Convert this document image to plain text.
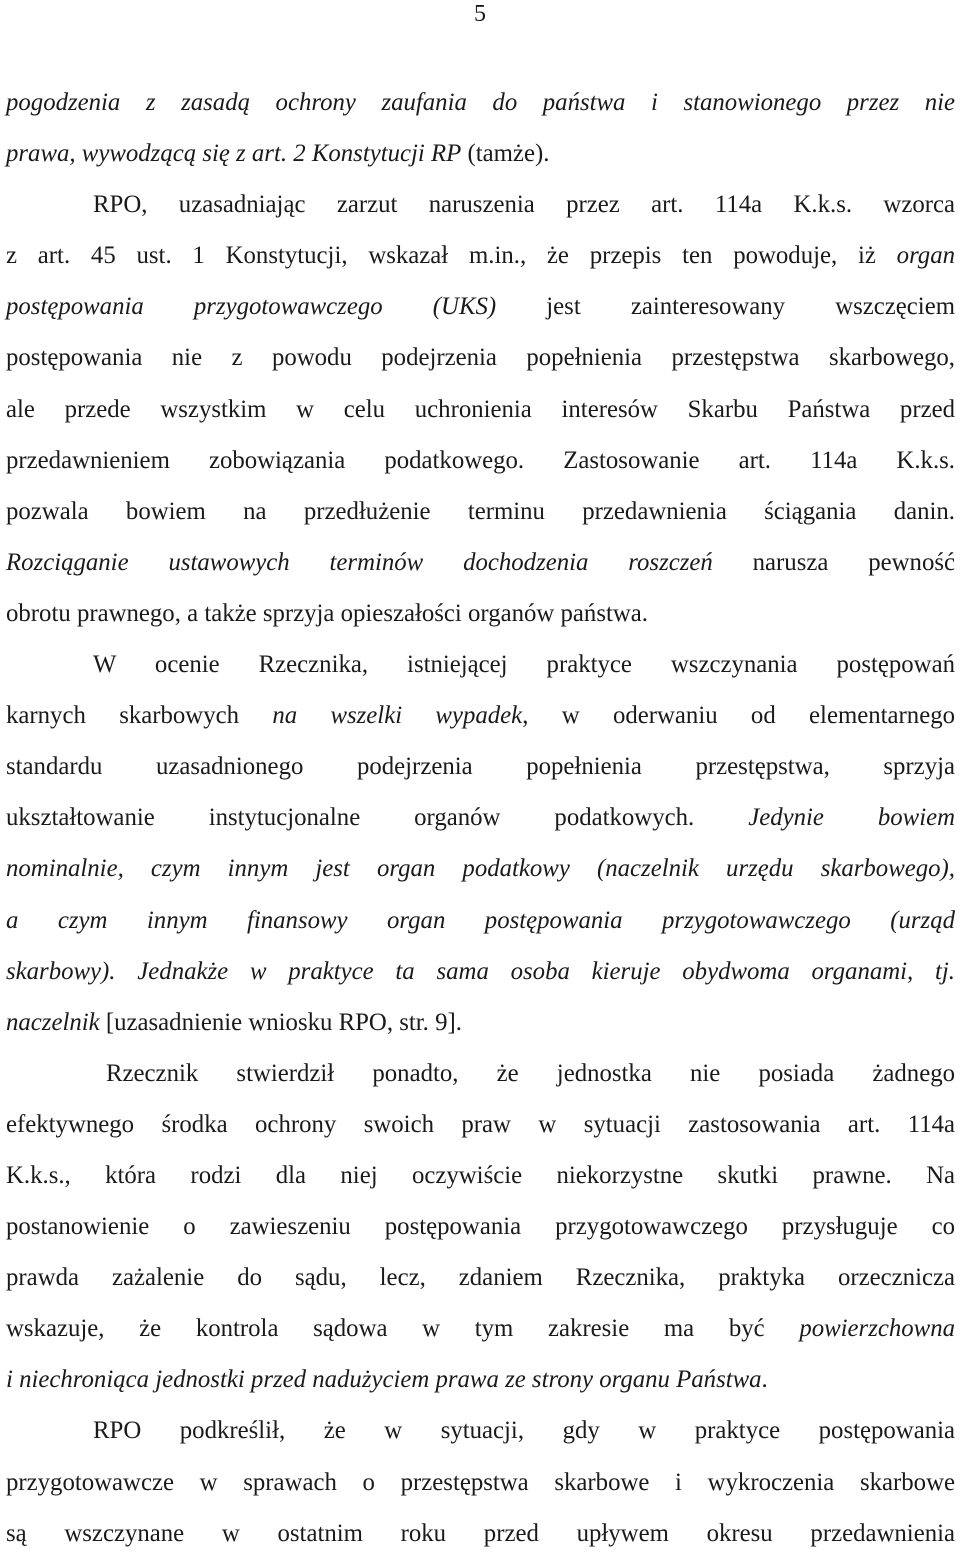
5
pogodzenia z zasadą ochrony zaufania do państwa i stanowionego przez nie
prawa, wywodzącą się z art. 2 Konstytucji RP (tamże).
RPO, uzasadniając zarzut naruszenia przez art. 114a K.k.s. wzorca
z art. 45 ust. 1 Konstytucji, wskazał m.in., że przepis ten powoduje, iż organ
postępowania przygotowawczego (UKS) jest zainteresowany wszczęciem
postępowania nie z powodu podejrzenia popełnienia przestępstwa skarbowego,
ale przede wszystkim w celu uchronienia interesów Skarbu Państwa przed
przedawnieniem zobowiązania podatkowego. Zastosowanie art. 114a K.k.s.
pozwala bowiem na przedłużenie terminu przedawnienia ściągania danin.
Rozciąganie ustawowych terminów dochodzenia roszczeń narusza pewność
obrotu prawnego, a także sprzyja opieszałości organów państwa.
W ocenie Rzecznika, istniejącej praktyce wszczynania postępowań
karnych skarbowych na wszelki wypadek, w oderwaniu od elementarnego
standardu uzasadnionego podejrzenia popełnienia przestępstwa, sprzyja
ukształtowanie instytucjonalne organów podatkowych. Jedynie bowiem
nominalnie, czym innym jest organ podatkowy (naczelnik urzędu skarbowego),
a czym innym finansowy organ postępowania przygotowawczego (urząd
skarbowy). Jednakże w praktyce ta sama osoba kieruje obydwoma organami, tj.
naczelnik [uzasadnienie wniosku RPO, str. 9].
Rzecznik stwierdził ponadto, że jednostka nie posiada żadnego
efektywnego środka ochrony swoich praw w sytuacji zastosowania art. 114a
K.k.s., która rodzi dla niej oczywiście niekorzystne skutki prawne. Na
postanowienie o zawieszeniu postępowania przygotowawczego przysługuje co
prawda zażalenie do sądu, lecz, zdaniem Rzecznika, praktyka orzecznicza
wskazuje, że kontrola sądowa w tym zakresie ma być powierzchowna
i niechroniąca jednostki przed nadużyciem prawa ze strony organu Państwa.
RPO podkreślił, że w sytuacji, gdy w praktyce postępowania
przygotowawcze w sprawach o przestępstwa skarbowe i wykroczenia skarbowe
są wszczynane w ostatnim roku przed upływem okresu przedawnienia
